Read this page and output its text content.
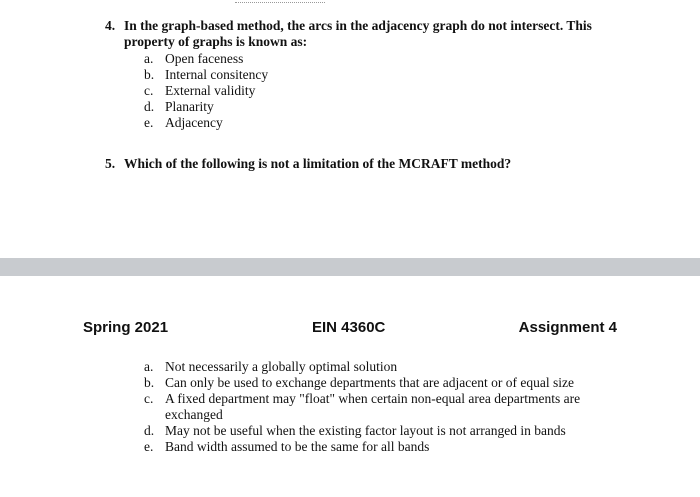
4. In the graph-based method, the arcs in the adjacency graph do not intersect. This
property of graphs is known as:
a. Open faceness
b. Internal consitency
c. External validity
d. Planarity
e. Adjacency
5. Which of the following is not a limitation of the MCRAFT method?
Spring 2021	EIN 4360C	Assignment 4
a. Not necessarily a globally optimal solution
b. Can only be used to exchange departments that are adjacent or of equal size
c. A fixed department may "float" when certain non-equal area departments are exchanged
d. May not be useful when the existing factor layout is not arranged in bands
e. Band width assumed to be the same for all bands
